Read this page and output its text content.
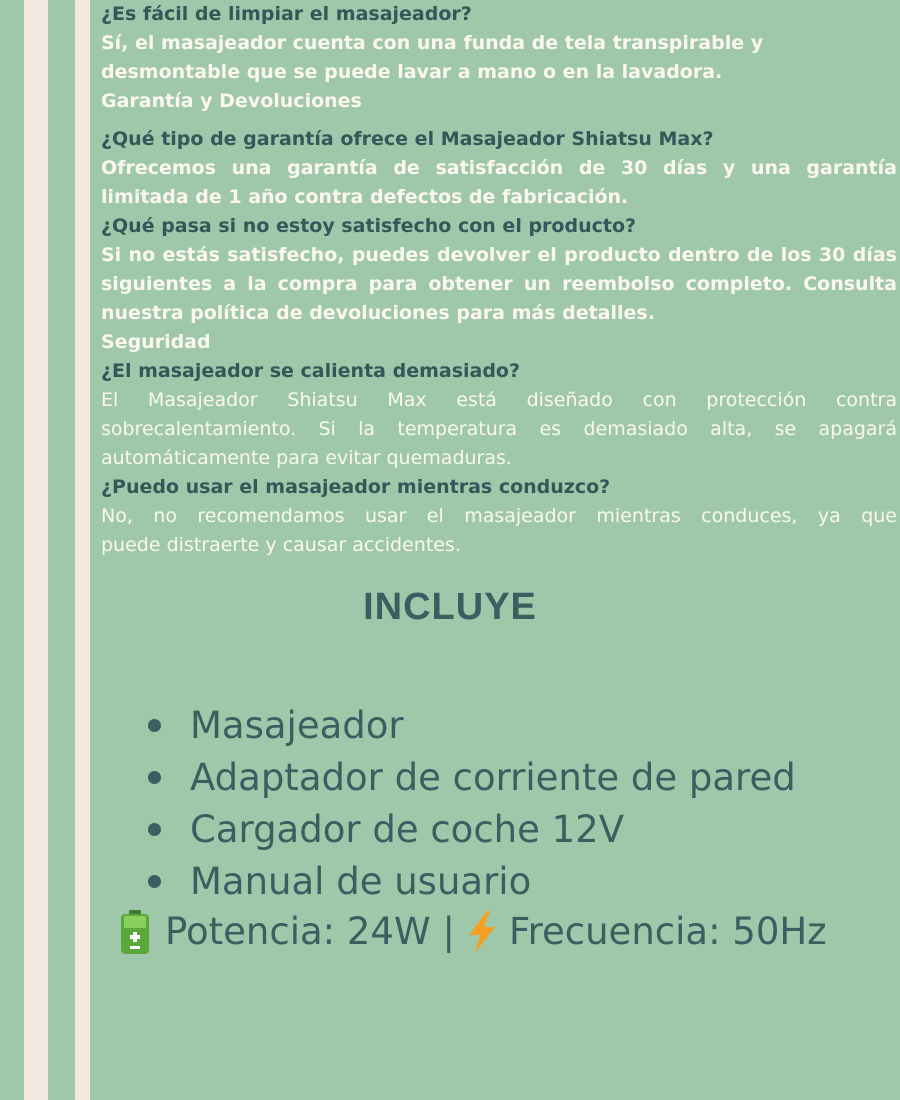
¿Es fácil de limpiar el masajeador?

Sí, el masajeador cuenta con una funda de tela transpirable y

desmontable que se puede lavar a mano o en la lavadora.

Garantía y Devoluciones

¿Qué tipo de garantía ofrece el Masajeador Shiatsu Max?

Ofrecemos una garantía de satisfacción de 30 días y una garantía

limitada de 1 año contra defectos de fabricación.

¿Qué pasa si no estoy satisfecho con el producto?

Si no estás satisfecho, puedes devolver el producto dentro de los 30 días

siguientes a la compra para obtener un reembolso completo. Consulta

nuestra política de devoluciones para más detalles.

Seguridad

¿El masajeador se calienta demasiado?

El Masajeador Shiatsu Max está diseñado con protección contra

sobrecalentamiento. Si la temperatura es demasiado alta, se apagará

automáticamente para evitar quemaduras.

¿Puedo usar el masajeador mientras conduzco?

No, no recomendamos usar el masajeador mientras conduces, ya que

puede distraerte y causar accidentes.

INCLUYE
Masajeador
Adaptador de corriente de pared
Cargador de coche 12V
Manual de usuario
Potencia: 24W | Frecuencia: 50Hz
